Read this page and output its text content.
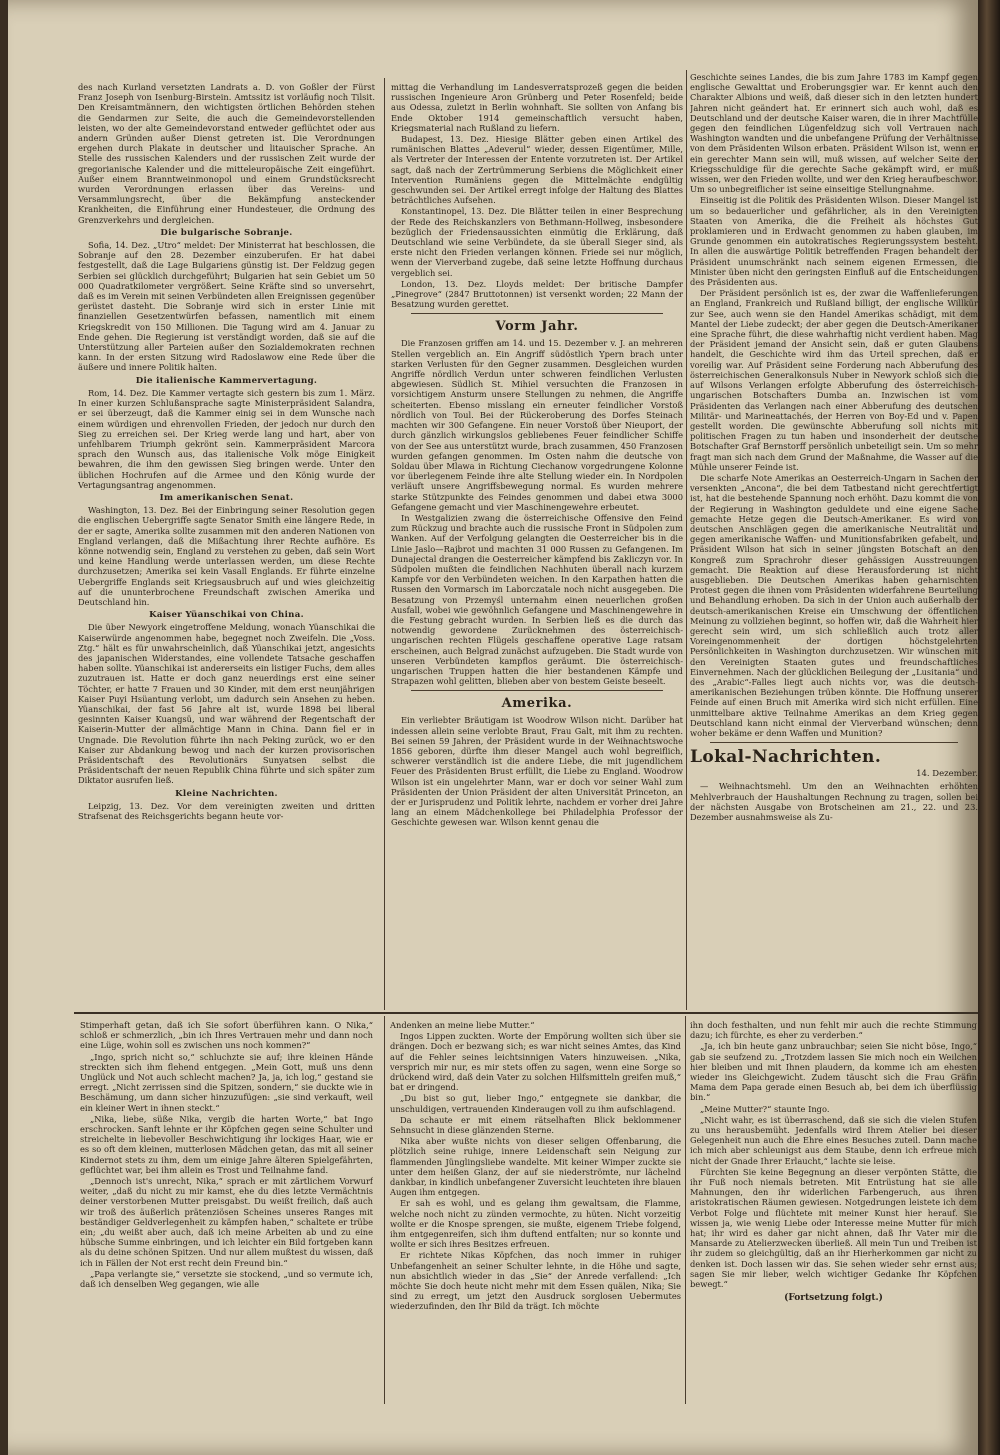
des nach Kurland versetzten Landrats a. D. von Goßler der Fürst Franz Joseph von Isenburg-Birstein. Amtssitz ist vorläufig noch Tilsit. Den Kreisamtmännern, den wichtigsten örtlichen Behörden stehen die Gendarmen zur Seite, die auch die Gemeindevorstellenden leisten, wo der alte Gemeindevorstand entweder geflüchtet oder aus andern Gründen außer Dienst getreten ist. Die Verordnungen ergehen durch Plakate in deutscher und litauischer Sprache. An Stelle des russischen Kalenders und der russischen Zeit wurde der gregorianische Kalender und die mitteleuropäische Zeit eingeführt. Außer einem Branntweinmonopol und einem Grundstücksrecht wurden Verordnungen erlassen über das Vereins- und Versammlungsrecht, über die Bekämpfung ansteckender Krankheiten, die Einführung einer Hundesteuer, die Ordnung des Grenzverkehrs und dergleichen.

Die bulgarische Sobranje.

Sofia, 14. Dez. „Utro“ meldet: Der Ministerrat hat beschlossen, die Sobranje auf den 28. Dezember einzuberufen. Er hat dabei festgestellt, daß die Lage Bulgariens günstig ist. Der Feldzug gegen Serbien sei glücklich durchgeführt; Bulgarien hat sein Gebiet um 50 000 Quadratkilometer vergrößert. Seine Kräfte sind so unversehrt, daß es im Verein mit seinen Verbündeten allen Ereignissen gegenüber gerüstet dasteht. Die Sobranje wird sich in erster Linie mit finanziellen Gesetzentwürfen befassen, namentlich mit einem Kriegskredit von 150 Millionen. Die Tagung wird am 4. Januar zu Ende gehen. Die Regierung ist verständigt worden, daß sie auf die Unterstützung aller Parteien außer den Sozialdemokraten rechnen kann. In der ersten Sitzung wird Radoslawow eine Rede über die äußere und innere Politik halten.

Die italienische Kammervertagung.

Rom, 14. Dez. Die Kammer vertagte sich gestern bis zum 1. März. In einer kurzen Schlußansprache sagte Ministerpräsident Salandra, er sei überzeugt, daß die Kammer einig sei in dem Wunsche nach einem würdigen und ehrenvollen Frieden, der jedoch nur durch den Sieg zu erreichen sei. Der Krieg werde lang und hart, aber von unfehlbarem Triumph gekrönt sein. Kammerpräsident Marcora sprach den Wunsch aus, das italienische Volk möge Einigkeit bewahren, die ihm den gewissen Sieg bringen werde. Unter den üblichen Hochrufen auf die Armee und den König wurde der Vertagungsantrag angenommen.

Im amerikanischen Senat.

Washington, 13. Dez. Bei der Einbringung seiner Resolution gegen die englischen Uebergriffe sagte Senator Smith eine längere Rede, in der er sagte, Amerika sollte zusammen mit den anderen Nationen von England verlangen, daß die Mißachtung ihrer Rechte aufhöre. Es könne notwendig sein, England zu verstehen zu geben, daß sein Wort und keine Handlung werde unterlassen werden, um diese Rechte durchzusetzen; Amerika sei kein Vasall Englands. Er führte einzelne Uebergriffe Englands seit Kriegsausbruch auf und wies gleichzeitig auf die ununterbrochene Freundschaft zwischen Amerika und Deutschland hin.

Kaiser Yüanschikai von China.

Die über Newyork eingetroffene Meldung, wonach Yüanschikai die Kaiserwürde angenommen habe, begegnet noch Zweifeln. Die „Voss. Ztg.“ hält es für unwahrscheinlich, daß Yüanschikai jetzt, angesichts des japanischen Widerstandes, eine vollendete Tatsache geschaffen haben sollte. Yüanschikai ist andererseits ein listiger Fuchs, dem alles zuzutrauen ist. Hatte er doch ganz neuerdings erst eine seiner Töchter, er hatte 7 Frauen und 30 Kinder, mit dem erst neunjährigen Kaiser Puyi Hsüantung verlobt, um dadurch sein Ansehen zu heben. Yüanschikai, der fast 56 Jahre alt ist, wurde 1898 bei liberal gesinnten Kaiser Kuangsü, und war während der Regentschaft der Kaiserin-Mutter der allmächtige Mann in China. Dann fiel er in Ungnade. Die Revolution führte ihn nach Peking zurück, wo er den Kaiser zur Abdankung bewog und nach der kurzen provisorischen Präsidentschaft des Revolutionärs Sunyatsen selbst die Präsidentschaft der neuen Republik China führte und sich später zum Diktator ausrufen ließ.

Kleine Nachrichten.

Leipzig, 13. Dez. Vor dem vereinigten zweiten und dritten Strafsenat des Reichsgerichts begann heute vor-

mittag die Verhandlung im Landesverratsprozeß gegen die beiden russischen Ingenieure Aron Grünberg und Peter Rosenfeld; beide aus Odessa, zuletzt in Berlin wohnhaft. Sie sollten von Anfang bis Ende Oktober 1914 gemeinschaftlich versucht haben, Kriegsmaterial nach Rußland zu liefern.

Budapest, 13. Dez. Hiesige Blätter geben einen Artikel des rumänischen Blattes „Adeverul“ wieder, dessen Eigentümer, Mille, als Vertreter der Interessen der Entente vorzutreten ist. Der Artikel sagt, daß nach der Zertrümmerung Serbiens die Möglichkeit einer Intervention Rumäniens gegen die Mittelmächte endgültig geschwunden sei. Der Artikel erregt infolge der Haltung des Blattes beträchtliches Aufsehen.

Konstantinopel, 13. Dez. Die Blätter teilen in einer Besprechung der Rede des Reichskanzlers von Bethmann-Hollweg, insbesondere bezüglich der Friedensaussichten einmütig die Erklärung, daß Deutschland wie seine Verbündete, da sie überall Sieger sind, als erste nicht den Frieden verlangen können. Friede sei nur möglich, wenn der Vierverband zugebe, daß seine letzte Hoffnung durchaus vergeblich sei.

London, 13. Dez. Lloyds meldet: Der britische Dampfer „Pinegrove“ (2847 Bruttotonnen) ist versenkt worden; 22 Mann der Besatzung wurden gerettet.

Vorm Jahr.

Die Franzosen griffen am 14. und 15. Dezember v. J. an mehreren Stellen vergeblich an. Ein Angriff südöstlich Ypern brach unter starken Verlusten für den Gegner zusammen. Desgleichen wurden Angriffe nördlich Verdun unter schweren feindlichen Verlusten abgewiesen. Südlich St. Mihiel versuchten die Franzosen in vorsichtigem Ansturm unsere Stellungen zu nehmen, die Angriffe scheiterten. Ebenso misslang ein erneuter feindlicher Vorstoß nördlich von Toul. Bei der Rückeroberung des Dorfes Steinach machten wir 300 Gefangene. Ein neuer Vorstoß über Nieuport, der durch gänzlich wirkungslos gebliebenes Feuer feindlicher Schiffe von der See aus unterstützt wurde, brach zusammen, 450 Franzosen wurden gefangen genommen. Im Osten nahm die deutsche von Soldau über Mlawa in Richtung Ciechanow vorgedrungene Kolonne vor überlegenem Feinde ihre alte Stellung wieder ein. In Nordpolen verläuft unsere Angriffsbewegung normal. Es wurden mehrere starke Stützpunkte des Feindes genommen und dabei etwa 3000 Gefangene gemacht und vier Maschinengewehre erbeutet.

In Westgalizien zwang die österreichische Offensive den Feind zum Rückzug und brachte auch die russische Front in Südpolen zum Wanken. Auf der Verfolgung gelangten die Oesterreicher bis in die Linie Jaslo—Rajbrot und machten 31 000 Russen zu Gefangenen. Im Dunajectal drangen die Oesterreicher kämpfend bis Zakliczyn vor. In Südpolen mußten die feindlichen Nachhuten überall nach kurzem Kampfe vor den Verbündeten weichen. In den Karpathen hatten die Russen den Vormarsch im Laborczatale noch nicht ausgegeben. Die Besatzung von Przemyśl unternahm einen neuerlichen großen Ausfall, wobei wie gewöhnlich Gefangene und Maschinengewehre in die Festung gebracht wurden. In Serbien ließ es die durch das notwendig gewordene Zurücknehmen des österreichisch-ungarischen rechten Flügels geschaffene operative Lage ratsam erscheinen, auch Belgrad zunächst aufzugeben. Die Stadt wurde von unseren Verbündeten kampflos geräumt. Die österreichisch-ungarischen Truppen hatten die hier bestandenen Kämpfe und Strapazen wohl gelitten, blieben aber von bestem Geiste beseelt.

Amerika.

Ein verliebter Bräutigam ist Woodrow Wilson nicht. Darüber hat indessen allein seine verlobte Braut, Frau Galt, mit ihm zu rechten. Bei seinen 59 Jahren, der Präsident wurde in der Weihnachtswoche 1856 geboren, dürfte ihm dieser Mangel auch wohl begreiflich, schwerer verständlich ist die andere Liebe, die mit jugendlichem Feuer des Präsidenten Brust erfüllt, die Liebe zu England. Woodrow Wilson ist ein ungelehrter Mann, war er doch vor seiner Wahl zum Präsidenten der Union Präsident der alten Universität Princeton, an der er Jurisprudenz und Politik lehrte, nachdem er vorher drei Jahre lang an einem Mädchenkollege bei Philadelphia Professor der Geschichte gewesen war. Wilson kennt genau die

Geschichte seines Landes, die bis zum Jahre 1783 im Kampf gegen englische Gewalttat und Eroberungsgier war. Er kennt auch den Charakter Albions und weiß, daß dieser sich in den letzten hundert Jahren nicht geändert hat. Er erinnert sich auch wohl, daß es Deutschland und der deutsche Kaiser waren, die in ihrer Machtfülle gegen den feindlichen Lügenfeldzug sich voll Vertrauen nach Washington wandten und die unbefangene Prüfung der Verhältnisse von dem Präsidenten Wilson erbaten. Präsident Wilson ist, wenn er ein gerechter Mann sein will, muß wissen, auf welcher Seite der Kriegsschuldige für die gerechte Sache gekämpft wird, er muß wissen, wer den Frieden wollte, und wer den Krieg heraufbeschwor. Um so unbegreiflicher ist seine einseitige Stellungnahme.

Einseitig ist die Politik des Präsidenten Wilson. Dieser Mangel ist um so bedauerlicher und gefährlicher, als in den Vereinigten Staaten von Amerika, die die Freiheit als höchstes Gut proklamieren und in Erdwacht genommen zu haben glauben, im Grunde genommen ein autokratisches Regierungssystem besteht. In allen die auswärtige Politik betreffenden Fragen behandelt der Präsident unumschränkt nach seinem eigenen Ermessen, die Minister üben nicht den geringsten Einfluß auf die Entscheidungen des Präsidenten aus.

Der Präsident persönlich ist es, der zwar die Waffenlieferungen an England, Frankreich und Rußland billigt, der englische Willkür zur See, auch wenn sie den Handel Amerikas schädigt, mit dem Mantel der Liebe zudeckt; der aber gegen die Deutsch-Amerikaner eine Sprache führt, die diese wahrhaftig nicht verdient haben. Mag der Präsident jemand der Ansicht sein, daß er guten Glaubens handelt, die Geschichte wird ihm das Urteil sprechen, daß er voreilig war. Auf Präsident seine Forderung nach Abberufung des österreichischen Generalkonsuls Nuber in Newyork schloß sich die auf Wilsons Verlangen erfolgte Abberufung des österreichisch-ungarischen Botschafters Dumba an. Inzwischen ist vom Präsidenten das Verlangen nach einer Abberufung des deutschen Militär- und Marineattachés, der Herren von Boy-Ed und v. Papen gestellt worden. Die gewünschte Abberufung soll nichts mit politischen Fragen zu tun haben und insonderheit der deutsche Botschafter Graf Bernstorff persönlich unbeteiligt sein. Um so mehr fragt man sich nach dem Grund der Maßnahme, die Wasser auf die Mühle unserer Feinde ist.

Die scharfe Note Amerikas an Oesterreich-Ungarn in Sachen der versenkten „Ancona“, die bei dem Tatbestand nicht gerechtfertigt ist, hat die bestehende Spannung noch erhöht. Dazu kommt die von der Regierung in Washington geduldete und eine eigene Sache gemachte Hetze gegen die Deutsch-Amerikaner. Es wird von deutschen Anschlägen gegen die amerikanische Neutralität und gegen amerikanische Waffen- und Munitionsfabriken gefabelt, und Präsident Wilson hat sich in seiner jüngsten Botschaft an den Kongreß zum Sprachrohr dieser gehässigen Ausstreuungen gemacht. Die Reaktion auf diese Herausforderung ist nicht ausgeblieben. Die Deutschen Amerikas haben geharnischten Protest gegen die ihnen vom Präsidenten widerfahrene Beurteilung und Behandlung erhoben. Da sich in der Union auch außerhalb der deutsch-amerikanischen Kreise ein Umschwung der öffentlichen Meinung zu vollziehen beginnt, so hoffen wir, daß die Wahrheit hier gerecht sein wird, um sich schließlich auch trotz aller Voreingenommenheit der dortigen höchstgelehrten Persönlichkeiten in Washington durchzusetzen. Wir wünschen mit den Vereinigten Staaten gutes und freundschaftliches Einvernehmen. Nach der glücklichen Beilegung der „Lusitania“ und des „Arabic“-Falles liegt auch nichts vor, was die deutsch-amerikanischen Beziehungen trüben könnte. Die Hoffnung unserer Feinde auf einen Bruch mit Amerika wird sich nicht erfüllen. Eine unmittelbare aktive Teilnahme Amerikas an dem Krieg gegen Deutschland kann nicht einmal der Vierverband wünschen; denn woher bekäme er denn Waffen und Munition?

Lokal-Nachrichten.
14. Dezember.

— Weihnachtsmehl. Um den an Weihnachten erhöhten Mehlverbrauch der Haushaltungen Rechnung zu tragen, sollen bei der nächsten Ausgabe von Brotscheinen am 21., 22. und 23. Dezember ausnahmsweise als Zu-

Stimperhaft getan, daß ich Sie sofort überführen kann. O Nika,“ schloß er schmerzlich, „bin ich Ihres Vertrauen mehr und dann noch eine Lüge, wohin soll es zwischen uns noch kommen?“

„Ingo, sprich nicht so,“ schluchzte sie auf; ihre kleinen Hände streckten sich ihm flehend entgegen. „Mein Gott, muß uns denn Unglück und Not auch schlecht machen? Ja, ja, ich log,“ gestand sie erregt. „Nicht zerrissen sind die Spitzen, sondern,“ sie duckte wie in Beschämung, um dann sicher hinzuzufügen: „sie sind verkauft, weil ein kleiner Wert in ihnen steckt.“

„Nika, liebe, süße Nika, vergib die harten Worte,“ bat Ingo erschrocken. Sanft lehnte er ihr Köpfchen gegen seine Schulter und streichelte in liebevoller Beschwichtigung ihr lockiges Haar, wie er es so oft dem kleinen, mutterlosen Mädchen getan, das mit all seiner Kindernot stets zu ihm, dem um einige Jahre älteren Spielgefährten, geflüchtet war, bei ihm allein es Trost und Teilnahme fand.

„Dennoch ist's unrecht, Nika,“ sprach er mit zärtlichem Vorwurf weiter, „daß du nicht zu mir kamst, ehe du dies letzte Vermächtnis deiner verstorbenen Mutter preisgabst. Du weißt freilich, daß auch wir troß des äußerlich prätenziösen Scheines unseres Ranges mit beständiger Geldverlegenheit zu kämpfen haben,“ schaltete er trübe ein; „du weißt aber auch, daß ich meine Arbeiten ab und zu eine hübsche Summe einbringen, und ich leichter ein Bild fortgeben kann als du deine schönen Spitzen. Und nur allem mußtest du wissen, daß ich in Fällen der Not erst recht dein Freund bin.“

„Papa verlangte sie,“ versetzte sie stockend, „und so vermute ich, daß ich denselben Weg gegangen, wie alle

Andenken an meine liebe Mutter.“

Ingos Lippen zuckten. Worte der Empörung wollten sich über sie drängen. Doch er bezwang sich; es war nicht seines Amtes, das Kind auf die Fehler seines leichtsinnigen Vaters hinzuweisen. „Nika, versprich mir nur, es mir stets offen zu sagen, wenn eine Sorge so drückend wird, daß dein Vater zu solchen Hilfsmitteln greifen muß,“ bat er dringend.

„Du bist so gut, lieber Ingo,“ entgegnete sie dankbar, die unschuldigen, vertrauenden Kinderaugen voll zu ihm aufschlagend.

Da schaute er mit einem rätselhaften Blick beklommener Sehnsucht in diese glänzenden Sterne.

Nika aber wußte nichts von dieser seligen Offenbarung, die plötzlich seine ruhige, innere Leidenschaft sein Neigung zur flammenden Jünglingsliebe wandelte. Mit keiner Wimper zuckte sie unter dem heißen Glanz, der auf sie niederströmte, nur lächelnd dankbar, in kindlich unbefangener Zuversicht leuchteten ihre blauen Augen ihm entgegen.

Er sah es wohl, und es gelang ihm gewaltsam, die Flamme, welche noch nicht zu zünden vermochte, zu hüten. Nicht vorzeitig wollte er die Knospe sprengen, sie mußte, eigenem Triebe folgend, ihm entgegenreifen, sich ihm duftend entfalten; nur so konnte und wollte er sich ihres Besitzes erfreuen.

Er richtete Nikas Köpfchen, das noch immer in ruhiger Unbefangenheit an seiner Schulter lehnte, in die Höhe und sagte, nun absichtlich wieder in das „Sie“ der Anrede verfallend: „Ich möchte Sie doch heute nicht mehr mit dem Essen quälen, Nika; Sie sind zu erregt, um jetzt den Ausdruck sorglosen Uebermutes wiederzufinden, den Ihr Bild da trägt. Ich möchte

ihn doch festhalten, und nun fehlt mir auch die rechte Stimmung dazu; ich fürchte, es eher zu verderben.“

„Ja, ich bin heute ganz unbrauchbar; seien Sie nicht böse, Ingo,“ gab sie seufzend zu. „Trotzdem lassen Sie mich noch ein Weilchen hier bleiben und mit Ihnen plaudern, da komme ich am ehesten wieder ins Gleichgewicht. Zudem täuscht sich die Frau Gräfin Mama dem Papa gerade einen Besuch ab, bei dem ich überflüssig bin.“

„Meine Mutter?“ staunte Ingo.

„Nicht wahr, es ist überraschend, daß sie sich die vielen Stufen zu uns herausbemüht. Jedenfalls wird Ihrem Atelier bei dieser Gelegenheit nun auch die Ehre eines Besuches zuteil. Dann mache ich mich aber schleunigst aus dem Staube, denn ich erfreue mich nicht der Gnade Ihrer Erlaucht,“ lachte sie leise.

Fürchten Sie keine Begegnung an dieser verpönten Stätte, die ihr Fuß noch niemals betreten. Mit Entrüstung hat sie alle Mahnungen, den ihr widerlichen Farbengeruch, aus ihren aristokratischen Räumen gewiesen. Notgedrungen leistete ich dem Verbot Folge und flüchtete mit meiner Kunst hier herauf. Sie wissen ja, wie wenig Liebe oder Interesse meine Mutter für mich hat; ihr wird es daher gar nicht ahnen, daß Ihr Vater mir die Mansarde zu Atelierzwecken überließ. All mein Tun und Treiben ist ihr zudem so gleichgültig, daß an ihr Hierherkommen gar nicht zu denken ist. Doch lassen wir das. Sie sehen wieder sehr ernst aus; sagen Sie mir lieber, welch wichtiger Gedanke Ihr Köpfchen bewegt.“

(Fortsetzung folgt.)
